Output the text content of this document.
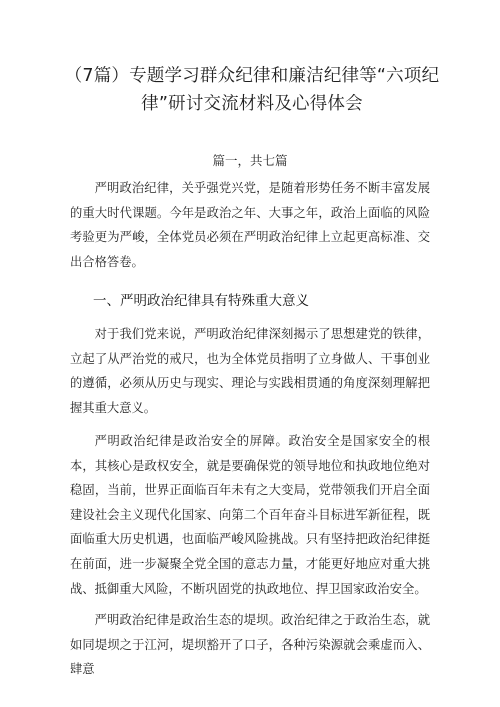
（7篇）专题学习群众纪律和廉洁纪律等“六项纪律”研讨交流材料及心得体会
篇一，共七篇

严明政治纪律，关乎强党兴党，是随着形势任务不断丰富发展的重大时代课题。今年是政治之年、大事之年，政治上面临的风险考验更为严峻，全体党员必须在严明政治纪律上立起更高标准、交出合格答卷。

一、严明政治纪律具有特殊重大意义

对于我们党来说，严明政治纪律深刻揭示了思想建党的铁律，立起了从严治党的戒尺，也为全体党员指明了立身做人、干事创业的遵循，必须从历史与现实、理论与实践相贯通的角度深刻理解把握其重大意义。

严明政治纪律是政治安全的屏障。政治安全是国家安全的根本，其核心是政权安全，就是要确保党的领导地位和执政地位绝对稳固，当前，世界正面临百年未有之大变局，党带领我们开启全面建设社会主义现代化国家、向第二个百年奋斗目标进军新征程，既面临重大历史机遇，也面临严峻风险挑战。只有坚持把政治纪律挺在前面，进一步凝聚全党全国的意志力量，才能更好地应对重大挑战、抵御重大风险，不断巩固党的执政地位、捍卫国家政治安全。

严明政治纪律是政治生态的堤坝。政治纪律之于政治生态，就如同堤坝之于江河，堤坝豁开了口子，各种污染源就会乘虚而入、肆意
